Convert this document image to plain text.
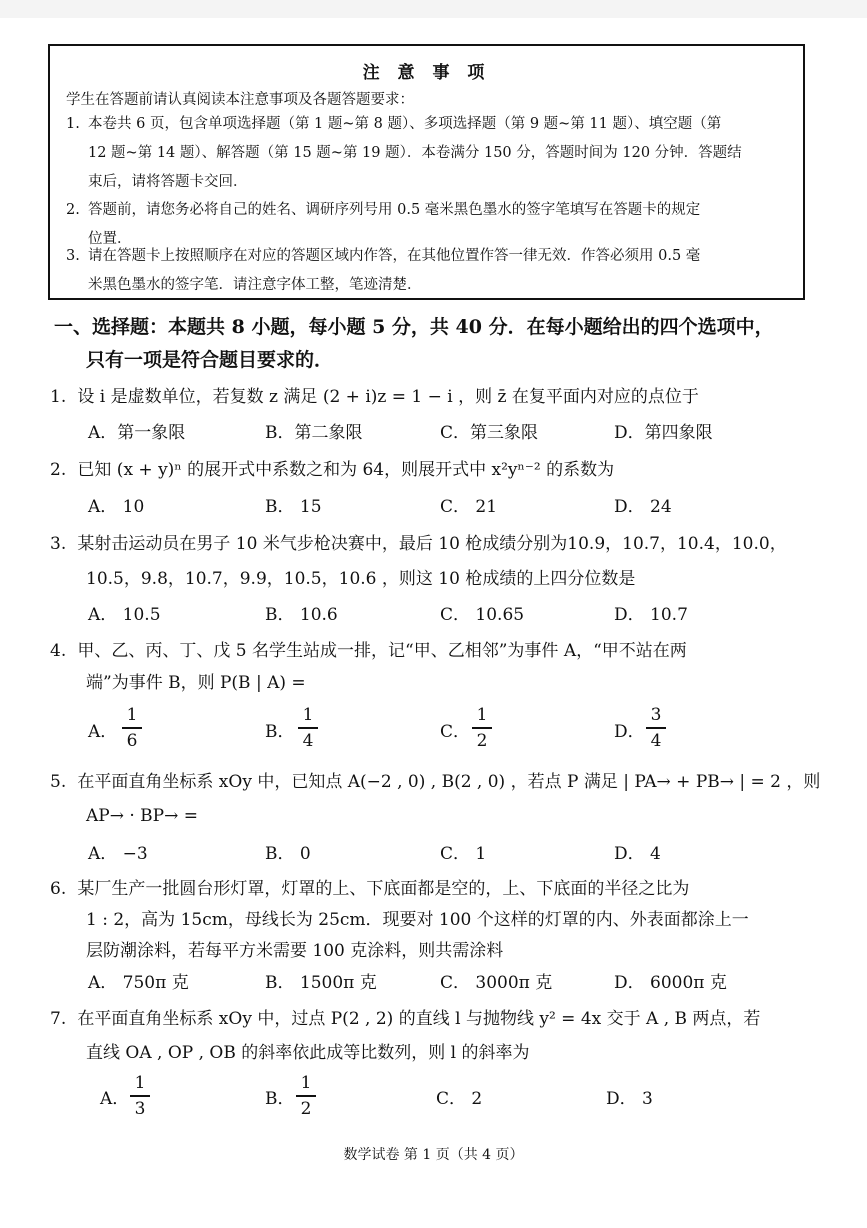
注 意 事 项
学生在答题前请认真阅读本注意事项及各题答题要求：
1. 本卷共 6 页，包含单项选择题（第 1 题~第 8 题）、多项选择题（第 9 题~第 11 题）、填空题（第
12 题~第 14 题）、解答题（第 15 题~第 19 题）．本卷满分 150 分，答题时间为 120 分钟．答题结
束后，请将答题卡交回．
2. 答题前，请您务必将自己的姓名、调研序列号用 0.5 毫米黑色墨水的签字笔填写在答题卡的规定
位置．
3. 请在答题卡上按照顺序在对应的答题区域内作答，在其他位置作答一律无效．作答必须用 0.5 毫
米黑色墨水的签字笔．请注意字体工整，笔迹清楚．
一、选择题：本题共 8 小题，每小题 5 分，共 40 分．在每小题给出的四个选项中，
只有一项是符合题目要求的．
1. 设 i 是虚数单位，若复数 z 满足 (2 + i)z = 1 − i ，则 z̄ 在复平面内对应的点位于
A．第一象限	B．第二象限	C．第三象限	D．第四象限
2. 已知 (x + y)ⁿ 的展开式中系数之和为 64，则展开式中 x²yⁿ⁻² 的系数为
A． 10	B． 15	C． 21	D． 24
3. 某射击运动员在男子 10 米气步枪决赛中，最后 10 枪成绩分别为10.9，10.7，10.4，10.0，
10.5，9.8，10.7，9.9，10.5，10.6 ，则这 10 枪成绩的上四分位数是
A． 10.5	B． 10.6	C． 10.65	D． 10.7
4. 甲、乙、丙、丁、戊 5 名学生站成一排，记“甲、乙相邻”为事件 A，“甲不站在两
端”为事件 B，则 P(B | A) =
A．
1
6	B．
1
4	C．
1
2	D．
3
4
5. 在平面直角坐标系 xOy 中，已知点 A(−2 , 0) , B(2 , 0) ，若点 P 满足 | PA→ + PB→ | = 2 ，则
AP→ · BP→ =
A． −3	B． 0	C． 1	D． 4
6. 某厂生产一批圆台形灯罩，灯罩的上、下底面都是空的，上、下底面的半径之比为
1 : 2，高为 15cm，母线长为 25cm．现要对 100 个这样的灯罩的内、外表面都涂上一
层防潮涂料，若每平方米需要 100 克涂料，则共需涂料
A． 750π 克	B． 1500π 克	C． 3000π 克	D． 6000π 克
7. 在平面直角坐标系 xOy 中，过点 P(2 , 2) 的直线 l 与抛物线 y² = 4x 交于 A , B 两点，若
直线 OA , OP , OB 的斜率依此成等比数列，则 l 的斜率为
A．
1
3	B．
1
2	C． 2	D． 3
数学试卷 第 1 页（共 4 页）
